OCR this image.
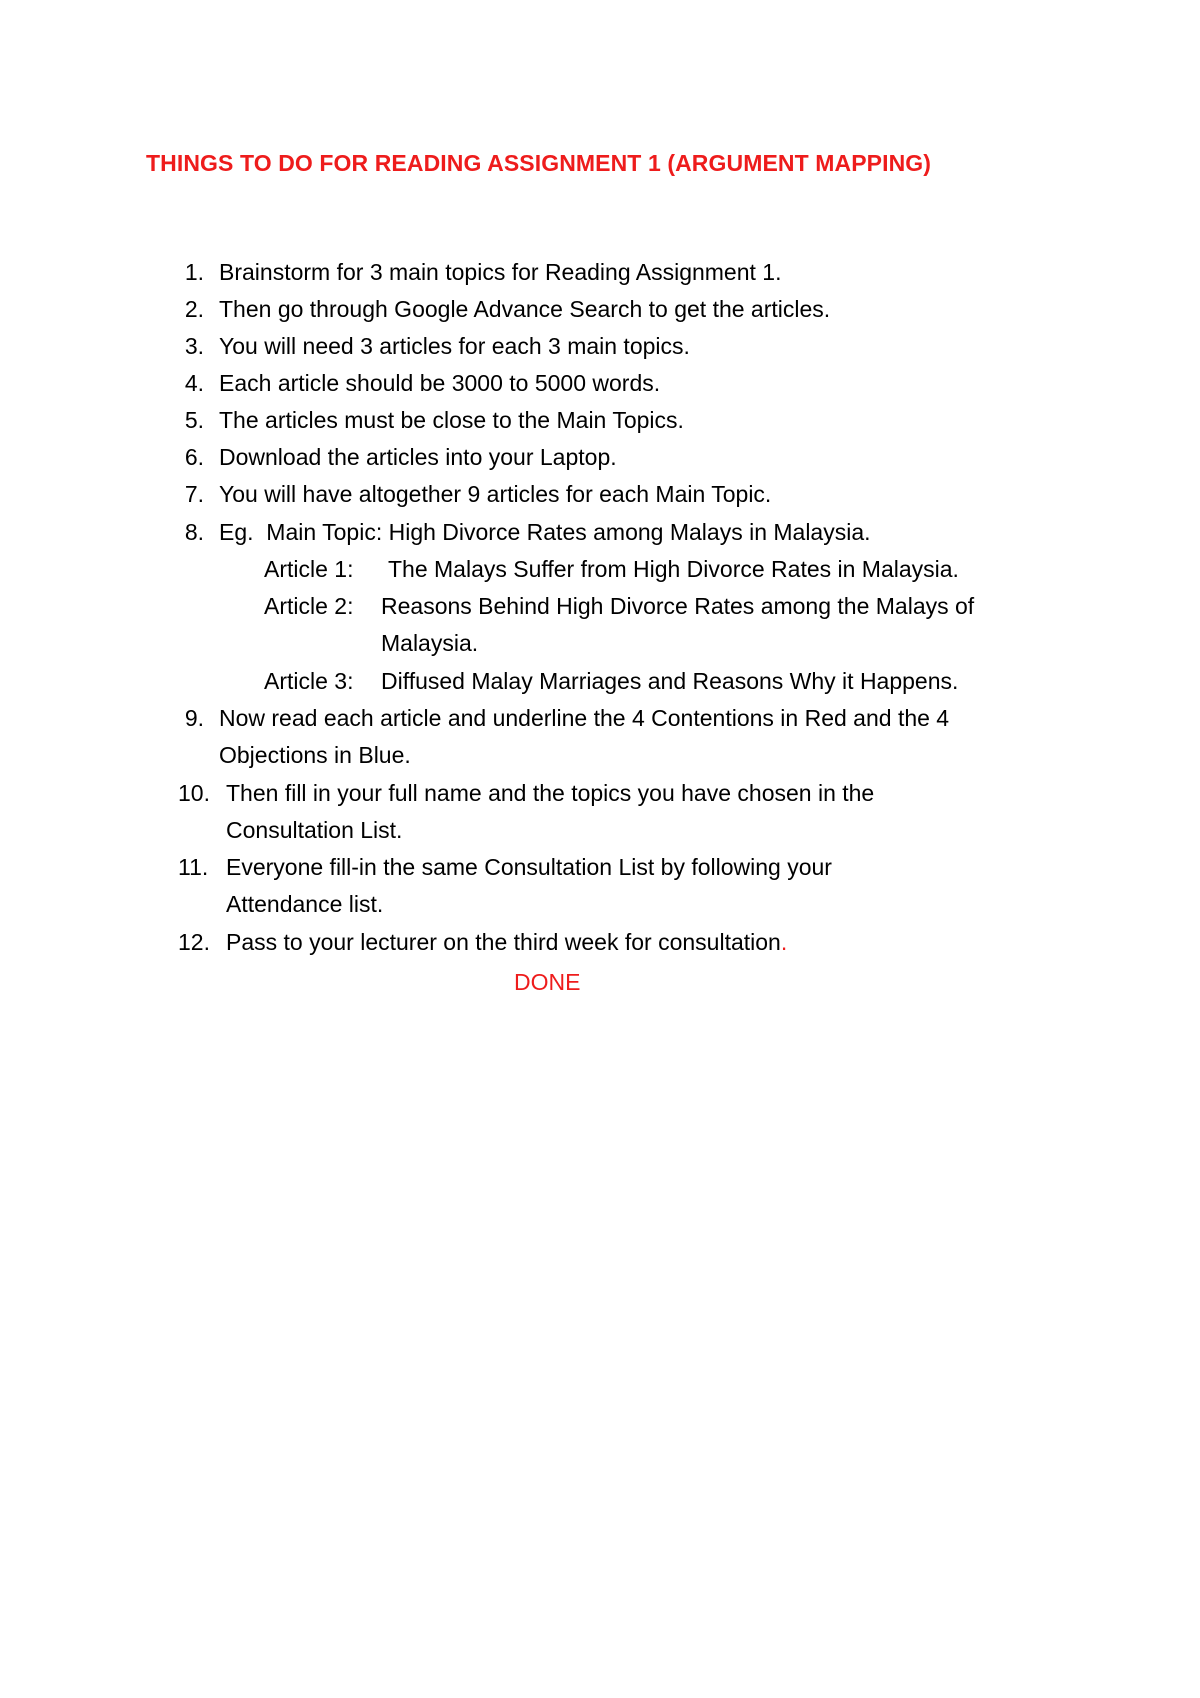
THINGS TO DO FOR READING ASSIGNMENT 1 (ARGUMENT MAPPING)
1. Brainstorm for 3 main topics for Reading Assignment 1.
2. Then go through Google Advance Search to get the articles.
3. You will need 3 articles for each 3 main topics.
4. Each article should be 3000 to 5000 words.
5. The articles must be close to the Main Topics.
6. Download the articles into your Laptop.
7. You will have altogether 9 articles for each Main Topic.
8. Eg.  Main Topic: High Divorce Rates among Malays in Malaysia.
Article 1: The Malays Suffer from High Divorce Rates in Malaysia.
Article 2: Reasons Behind High Divorce Rates among the Malays of
Malaysia.
Article 3: Diffused Malay Marriages and Reasons Why it Happens.
9. Now read each article and underline the 4 Contentions in Red and the 4
Objections in Blue.
10. Then fill in your full name and the topics you have chosen in the
Consultation List.
11. Everyone fill-in the same Consultation List by following your
Attendance list.
12. Pass to your lecturer on the third week for consultation.
DONE
